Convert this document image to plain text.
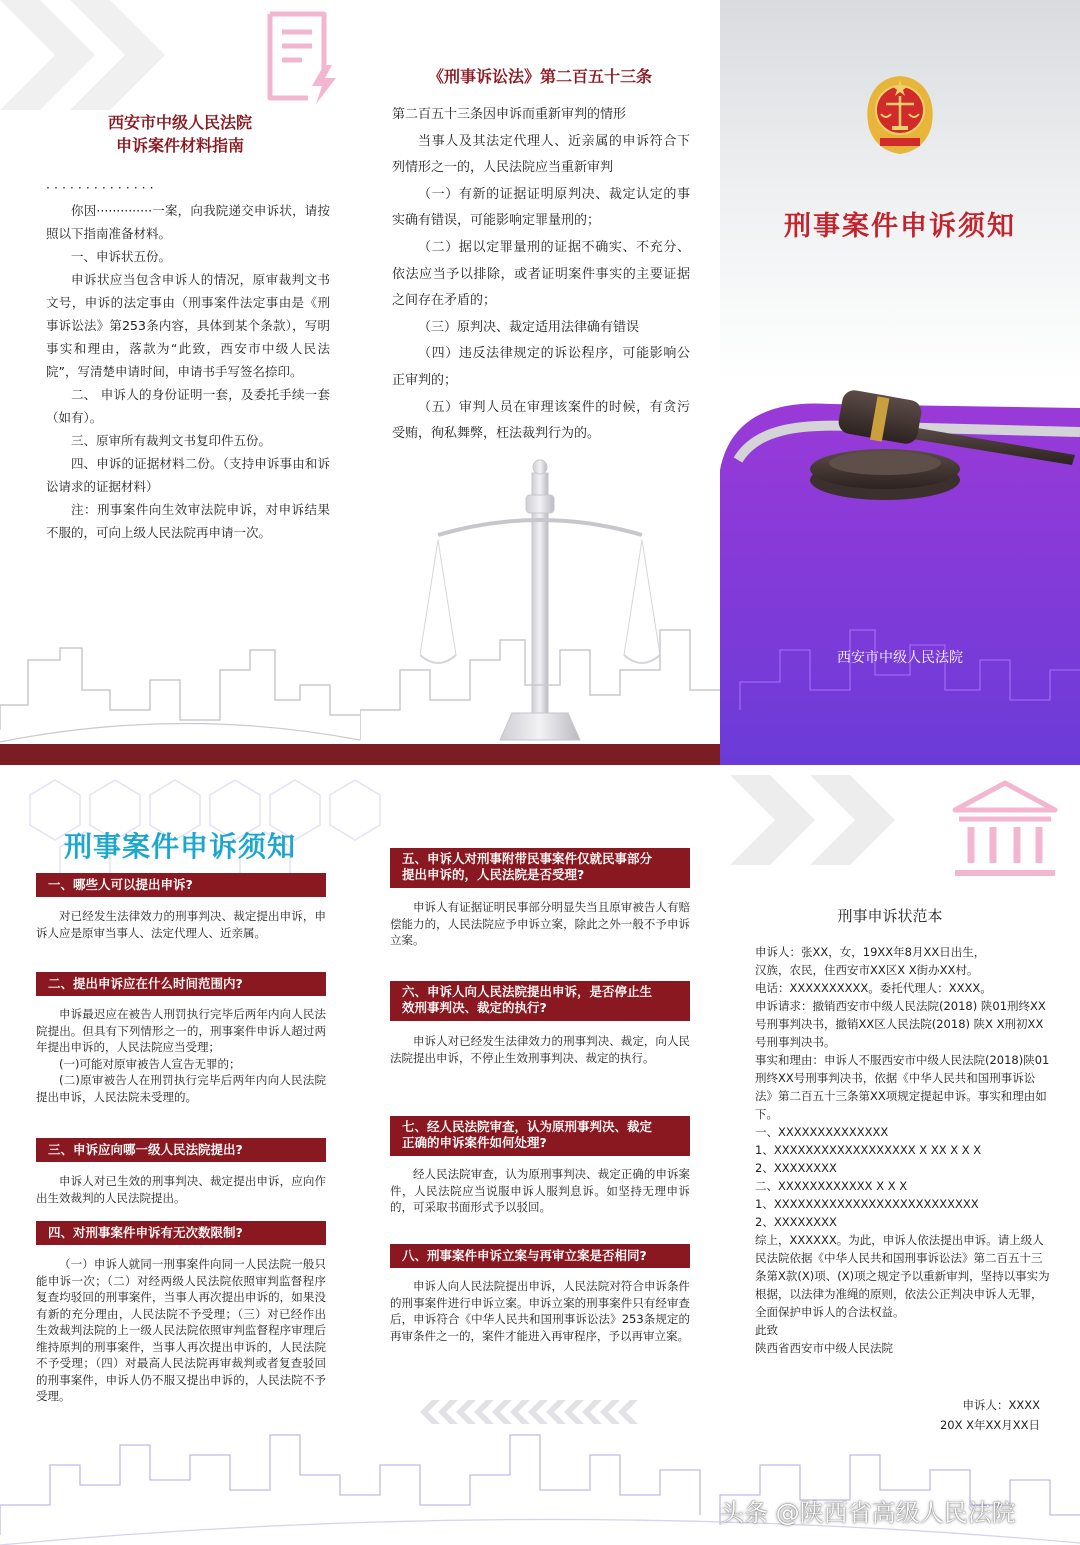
西安市中级人民法院
申诉案件材料指南

··············

你因··············一案，向我院递交申诉状，请按照以下指南准备材料。

一、申诉状五份。

申诉状应当包含申诉人的情况，原审裁判文书文号，申诉的法定事由（刑事案件法定事由是《刑事诉讼法》第253条内容，具体到某个条款），写明事实和理由，落款为“此致，西安市中级人民法院”，写清楚申请时间，申请书手写签名捺印。

二、 申诉人的身份证明一套，及委托手续一套（如有）。

三、原审所有裁判文书复印件五份。

四、申诉的证据材料二份。（支持申诉事由和诉讼请求的证据材料）

注：刑事案件向生效审法院申诉，对申诉结果不服的，可向上级人民法院再申请一次。

《刑事诉讼法》第二百五十三条

第二百五十三条因申诉而重新审判的情形

当事人及其法定代理人、近亲属的申诉符合下列情形之一的，人民法院应当重新审判

（一）有新的证据证明原判决、裁定认定的事实确有错误，可能影响定罪量刑的；

（二）据以定罪量刑的证据不确实、不充分、依法应当予以排除，或者证明案件事实的主要证据之间存在矛盾的；

（三）原判决、裁定适用法律确有错误

（四）违反法律规定的诉讼程序，可能影响公正审判的；

（五）审判人员在审理该案件的时候，有贪污受贿，徇私舞弊，枉法裁判行为的。

刑事案件申诉须知
西安市中级人民法院
刑事案件申诉须知
一、哪些人可以提出申诉?

对已经发生法律效力的刑事判决、裁定提出申诉，申诉人应是原审当事人、法定代理人、近亲属。

二、提出申诉应在什么时间范围内?

申诉最迟应在被告人刑罚执行完毕后两年内向人民法院提出。但具有下列情形之一的，刑事案件申诉人超过两年提出申诉的，人民法院应当受理；

(一)可能对原审被告人宣告无罪的；

(二)原审被告人在刑罚执行完毕后两年内向人民法院提出申诉，人民法院未受理的。

三、申诉应向哪一级人民法院提出?

申诉人对已生效的刑事判决、裁定提出申诉，应向作出生效裁判的人民法院提出。

四、对刑事案件申诉有无次数限制?

（一）申诉人就同一刑事案件向同一人民法院一般只能申诉一次；（二）对经两级人民法院依照审判监督程序复查均驳回的刑事案件，当事人再次提出申诉的，如果没有新的充分理由，人民法院不予受理；（三）对已经作出生效裁判法院的上一级人民法院依照审判监督程序审理后维持原判的刑事案件，当事人再次提出申诉的，人民法院不予受理；（四）对最高人民法院再审裁判或者复查驳回的刑事案件，申诉人仍不服又提出申诉的，人民法院不予受理。

五、申诉人对刑事附带民事案件仅就民事部分
提出申诉的，人民法院是否受理?

申诉人有证据证明民事部分明显失当且原审被告人有赔偿能力的，人民法院应予申诉立案，除此之外一般不予申诉立案。

六、申诉人向人民法院提出申诉，是否停止生
效刑事判决、裁定的执行?

申诉人对已经发生法律效力的刑事判决、裁定，向人民法院提出申诉，不停止生效刑事判决、裁定的执行。

七、经人民法院审查，认为原刑事判决、裁定
正确的申诉案件如何处理?

经人民法院审查，认为原刑事判决、裁定正确的申诉案件，人民法院应当说服申诉人服判息诉。如坚持无理申诉的，可采取书面形式予以驳回。

八、刑事案件申诉立案与再审立案是否相同?

申诉人向人民法院提出申诉，人民法院对符合申诉条件的刑事案件进行申诉立案。申诉立案的刑事案件只有经审查后，申诉符合《中华人民共和国刑事诉讼法》253条规定的再审条件之一的，案件才能进入再审程序，予以再审立案。

刑事申诉状范本
申诉人：张XX，女，19XX年8月XX日出生，
汉族，农民，住西安市XX区X X街办XX村。
电话：XXXXXXXXXX。委托代理人：XXXX。
申诉请求：撤销西安市中级人民法院(2018) 陕01刑终XX号刑事判决书，撤销XX区人民法院(2018) 陕X X刑初XX号刑事判决书。
事实和理由：申诉人不服西安市中级人民法院(2018)陕01刑终XX号刑事判决书，依据《中华人民共和国刑事诉讼法》第二百五十三条第XX项规定提起申诉。事实和理由如下。
一、XXXXXXXXXXXXXX
1、XXXXXXXXXXXXXXXXXX X XX X X X
2、XXXXXXXX
二、XXXXXXXXXXXX X X X
1、XXXXXXXXXXXXXXXXXXXXXXXXXX
2、XXXXXXXX
综上，XXXXXX。为此，申诉人依法提出申诉。请上级人民法院依据《中华人民共和国刑事诉讼法》第二百五十三条第X款(X)项、(X)项之规定予以重新审判，坚持以事实为根据，以法律为准绳的原则，依法公正判决申诉人无罪，全面保护申诉人的合法权益。
此致
陕西省西安市中级人民法院
申诉人：XXXX
20X X年XX月XX日
头条 @陕西省高级人民法院
